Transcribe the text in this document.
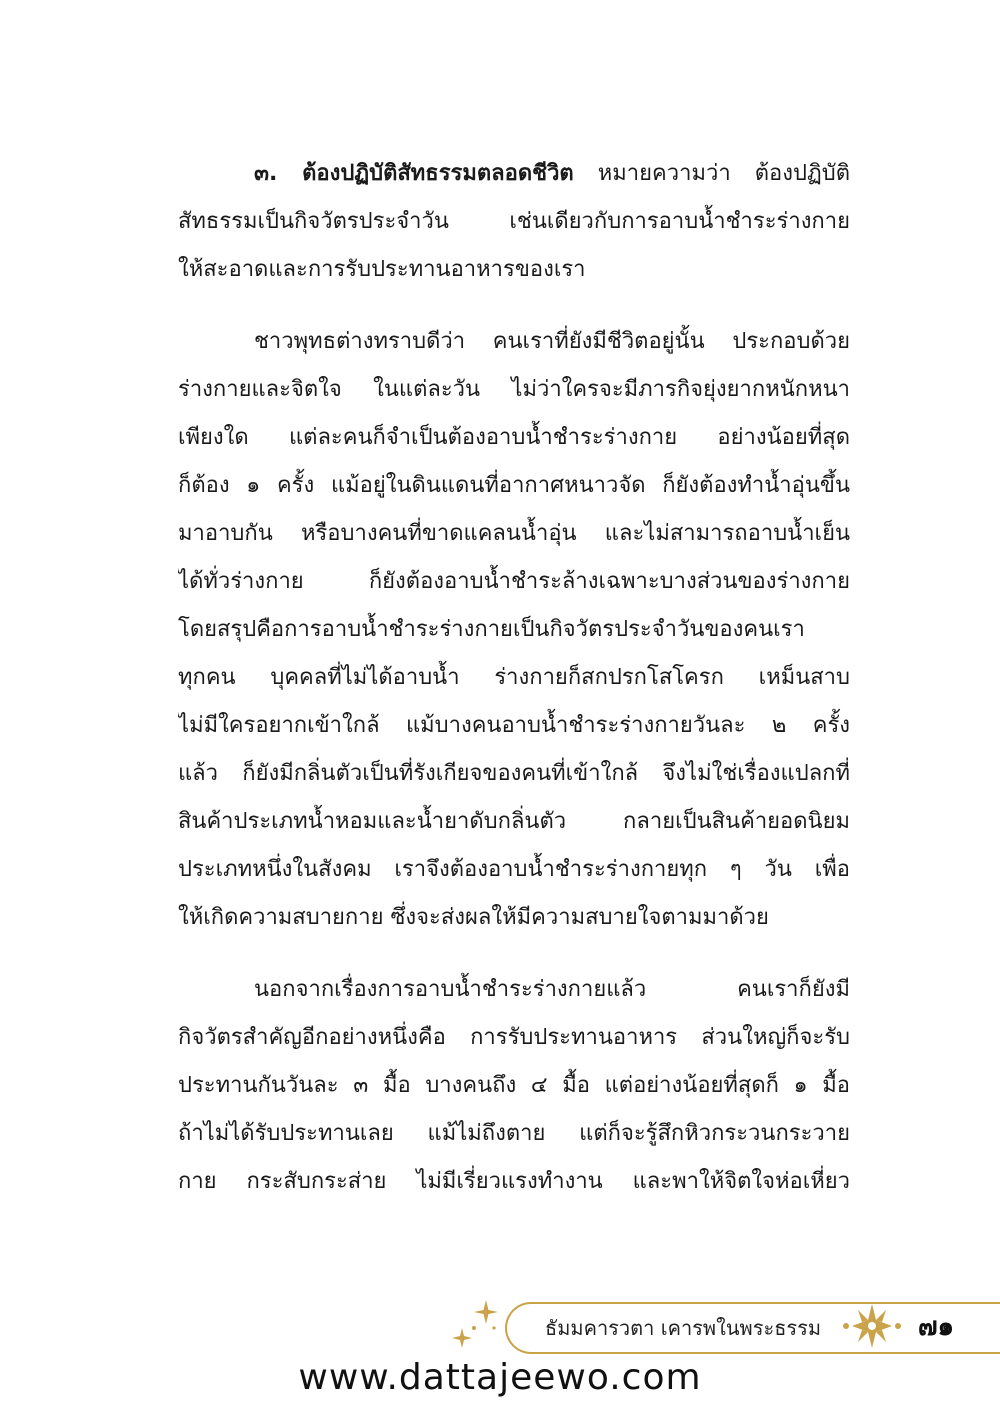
๓. ต้องปฏิบัติสัทธรรมตลอดชีวิต หมายความว่า ต้องปฏิบัติ
สัทธรรมเป็นกิจวัตรประจำวัน เช่นเดียวกับการอาบน้ำชำระร่างกาย
ให้สะอาดและการรับประทานอาหารของเรา
ชาวพุทธต่างทราบดีว่า คนเราที่ยังมีชีวิตอยู่นั้น ประกอบด้วย
ร่างกายและจิตใจ ในแต่ละวัน ไม่ว่าใครจะมีภารกิจยุ่งยากหนักหนา
เพียงใด แต่ละคนก็จำเป็นต้องอาบน้ำชำระร่างกาย อย่างน้อยที่สุด
ก็ต้อง ๑ ครั้ง แม้อยู่ในดินแดนที่อากาศหนาวจัด ก็ยังต้องทำน้ำอุ่นขึ้น
มาอาบกัน หรือบางคนที่ขาดแคลนน้ำอุ่น และไม่สามารถอาบน้ำเย็น
ได้ทั่วร่างกาย ก็ยังต้องอาบน้ำชำระล้างเฉพาะบางส่วนของร่างกาย
โดยสรุปคือการอาบน้ำชำระร่างกายเป็นกิจวัตรประจำวันของคนเรา
ทุกคน บุคคลที่ไม่ได้อาบน้ำ ร่างกายก็สกปรกโสโครก เหม็นสาบ
ไม่มีใครอยากเข้าใกล้ แม้บางคนอาบน้ำชำระร่างกายวันละ ๒ ครั้ง
แล้ว ก็ยังมีกลิ่นตัวเป็นที่รังเกียจของคนที่เข้าใกล้ จึงไม่ใช่เรื่องแปลกที่
สินค้าประเภทน้ำหอมและน้ำยาดับกลิ่นตัว กลายเป็นสินค้ายอดนิยม
ประเภทหนึ่งในสังคม เราจึงต้องอาบน้ำชำระร่างกายทุก ๆ วัน เพื่อ
ให้เกิดความสบายกาย ซึ่งจะส่งผลให้มีความสบายใจตามมาด้วย
นอกจากเรื่องการอาบน้ำชำระร่างกายแล้ว คนเราก็ยังมี
กิจวัตรสำคัญอีกอย่างหนึ่งคือ การรับประทานอาหาร ส่วนใหญ่ก็จะรับ
ประทานกันวันละ ๓ มื้อ บางคนถึง ๔ มื้อ แต่อย่างน้อยที่สุดก็ ๑ มื้อ
ถ้าไม่ได้รับประทานเลย แม้ไม่ถึงตาย แต่ก็จะรู้สึกหิวกระวนกระวาย
กาย กระสับกระส่าย ไม่มีเรี่ยวแรงทำงาน และพาให้จิตใจห่อเหี่ยว
ธัมมคารวตา เคารพในพระธรรม	๗๑
www.dattajeewo.com
